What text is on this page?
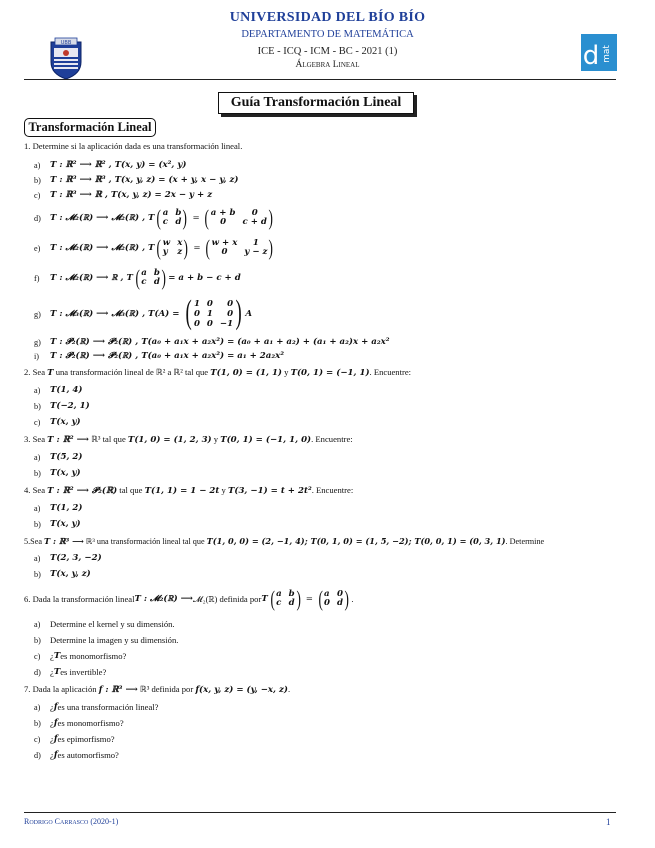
UNIVERSIDAD DEL BÍO BÍO
DEPARTAMENTO DE MATEMÁTICA
ICE - ICQ - ICM - BC - 2021 (1)
Álgebra Lineal
UBB	d mat
Guía Transformación Lineal
Transformación Lineal

1. Determine si la aplicación dada es una transformación lineal.

a)	T : ℝ² ⟶ ℝ² , T(x, y) = (x², y)
b)	T : ℝ³ ⟶ ℝ³ , T(x, y, z) = (x + y, x − y, z)
c)	T : ℝ³ ⟶ ℝ , T(x, y, z) = 2x − y + z
d)	T : 𝓜₂(ℝ) ⟶ 𝓜₂(ℝ) , T ( a b
c d ) = ( a + b	0
0	c + d )
e)	T : 𝓜₂(ℝ) ⟶ 𝓜₂(ℝ) , T ( w x
y z ) = ( w + x	1
0	y − z )
f)	T : 𝓜₂(ℝ) ⟶ ℝ , T ( a b
c d ) = a + b − c + d
g)	T : 𝓜₃(ℝ) ⟶ 𝓜₃(ℝ) , T(A) =
( 1 0	0
0 1	0
0 0 −1 ) A
g)	T : 𝓟₂(ℝ) ⟶ 𝓟₂(ℝ) , T(a₀ + a₁x + a₂x²) = (a₀ + a₁ + a₂) + (a₁ + a₂)x + a₂x²
i)	T : 𝓟₂(ℝ) ⟶ 𝓟₂(ℝ) , T(a₀ + a₁x + a₂x²) = a₁ + 2a₂x²

2. Sea T una transformación lineal de ℝ² a ℝ² tal que T(1, 0) = (1, 1) y T(0, 1) = (−1, 1). Encuentre:

a)	T(1, 4)
b)	T(−2, 1)
c)	T(x, y)

3. Sea T : ℝ² ⟶ ℝ³ tal que T(1, 0) = (1, 2, 3) y T(0, 1) = (−1, 1, 0). Encuentre:

a)	T(5, 2)
b)	T(x, y)

4. Sea T : ℝ² ⟶ 𝓟₂(ℝ) tal que T(1, 1) = 1 − 2t y T(3, −1) = t + 2t². Encuentre:

a)	T(1, 2)
b)	T(x, y)

5.Sea T : ℝ³ ⟶ ℝ³ una transformación lineal tal que T(1, 0, 0) = (2, −1, 4); T(0, 1, 0) = (1, 5, −2); T(0, 0, 1) = (0, 3, 1). Determine

a)	T(2, 3, −2)
b)	T(x, y, z)
6. Dada la transformación lineal T : 𝓜₂(ℝ) ⟶ 𝓜₂(ℝ) definida por T ( a b
c d ) = ( a 0
0 d ) .
a)	Determine el kernel y su dimensión.
b)	Determine la imagen y su dimensión.
c)	¿ T es monomorfismo?
d)	¿ T es invertible?

7. Dada la aplicación f : ℝ³ ⟶ ℝ³ definida por f(x, y, z) = (y, −x, z).

a)	¿ f es una transformación lineal?
b)	¿ f es monomorfismo?
c)	¿ f es epimorfismo?
d)	¿ f es automorfismo?
Rodrigo Carrasco (2020-1)	1
